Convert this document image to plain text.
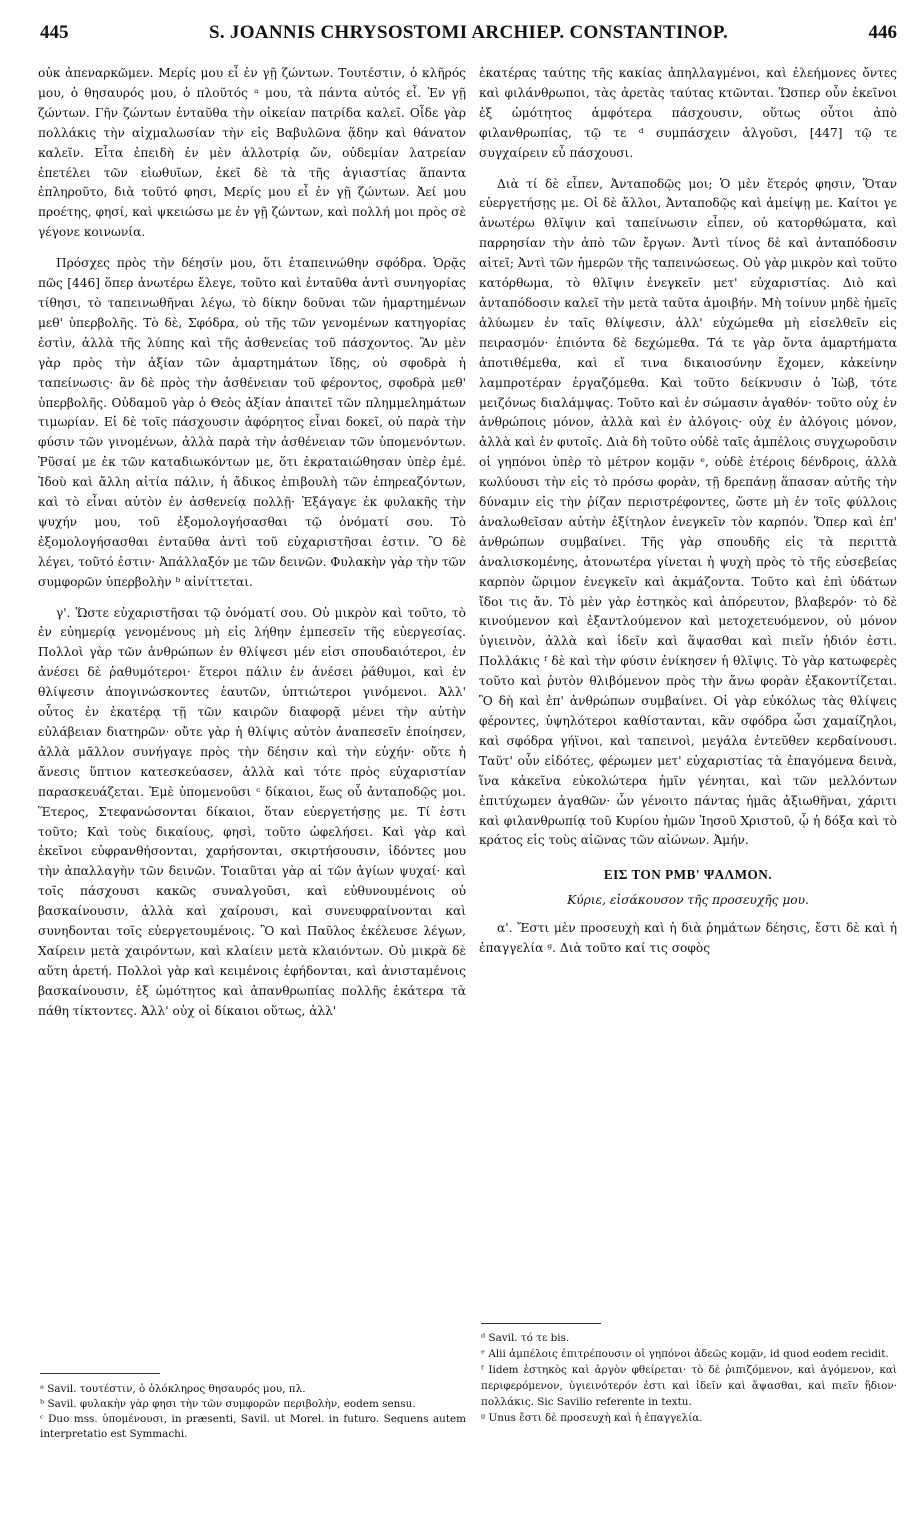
445	S. JOANNIS CHRYSOSTOMI ARCHIEP. CONSTANTINOP.	446

οὐκ ἀπεναρκῶμεν. Μερίς μου εἶ ἐν γῇ ζώντων. Τουτέστιν, ὁ κλῆρός μου, ὁ θησαυρός μου, ὁ πλοῦτός ᵃ μου, τὰ πάντα αὐτός εἶ. Ἐν γῇ ζώντων. Γῆν ζώντων ἐνταῦθα τὴν οἰκείαν πατρίδα καλεῖ. Οἶδε γὰρ πολλάκις τὴν αἰχμαλωσίαν τὴν εἰς Βαβυλῶνα ᾅδην καὶ θάνατον καλεῖν. Εἶτα ἐπειδὴ ἐν μὲν ἀλλοτρίᾳ ὤν, οὐδεμίαν λατρείαν ἐπετέλει τῶν εἰωθυῖων, ἐκεῖ δὲ τὰ τῆς ἁγιαστίας ἅπαντα ἐπληροῦτο, διὰ τοῦτό φησι, Μερίς μου εἶ ἐν γῇ ζώντων. Ἀεί μου προέτης, φησί, καὶ ψκειώσω με ἐν γῇ ζώντων, καὶ πολλή μοι πρὸς σὲ γέγονε κοινωνία.

Πρόσχες πρὸς τὴν δέησίν μου, ὅτι ἐταπεινώθην σφόδρα. Ὁρᾷς πῶς [446] ὅπερ ἀνωτέρω ἔλεγε, τοῦτο καὶ ἐνταῦθα ἀντὶ συνηγορίας τίθησι, τὸ ταπεινωθῆναι λέγω, τὸ δίκην δοῦναι τῶν ἡμαρτημένων μεθ' ὑπερβολῆς. Τὸ δὲ, Σφόδρα, οὐ τῆς τῶν γενομένων κατηγορίας ἐστὶν, ἀλλὰ τῆς λύπης καὶ τῆς ἀσθενείας τοῦ πάσχοντος. Ἂν μὲν γὰρ πρὸς τὴν ἀξίαν τῶν ἁμαρτημάτων ἴδῃς, οὐ σφοδρὰ ἡ ταπείνωσις· ἂν δὲ πρὸς τὴν ἀσθένειαν τοῦ φέροντος, σφοδρὰ μεθ' ὑπερβολῆς. Οὐδαμοῦ γὰρ ὁ Θεὸς ἀξίαν ἀπαιτεῖ τῶν πλημμελημάτων τιμωρίαν. Εἰ δὲ τοῖς πάσχουσιν ἀφόρητος εἶναι δοκεῖ, οὐ παρὰ τὴν φύσιν τῶν γινομένων, ἀλλὰ παρὰ τὴν ἀσθένειαν τῶν ὑπομενόντων. Ῥῦσαί με ἐκ τῶν καταδιωκόντων με, ὅτι ἐκραταιώθησαν ὑπὲρ ἐμέ. Ἰδοὺ καὶ ἄλλη αἰτία πάλιν, ἡ ἄδικος ἐπιβουλὴ τῶν ἐπηρεαζόντων, καὶ τὸ εἶναι αὐτὸν ἐν ἀσθενείᾳ πολλῇ· Ἐξάγαγε ἐκ φυλακῆς τὴν ψυχήν μου, τοῦ ἐξομολογήσασθαι τῷ ὀνόματί σου. Τὸ ἐξομολογήσασθαι ἐνταῦθα ἀντὶ τοῦ εὐχαριστῆσαι ἐστιν. Ὃ δὲ λέγει, τοῦτό ἐστιν· Ἀπάλλαξόν με τῶν δεινῶν. Φυλακὴν γὰρ τὴν τῶν συμφορῶν ὑπερβολὴν ᵇ αἰνίττεται.

γ'. Ὥστε εὐχαριστῆσαι τῷ ὀνόματί σου. Οὐ μικρὸν καὶ τοῦτο, τὸ ἐν εὐημερίᾳ γενομένους μὴ εἰς λήθην ἐμπεσεῖν τῆς εὐεργεσίας. Πολλοὶ γὰρ τῶν ἀνθρώπων ἐν θλίψεσι μέν εἰσι σπουδαιότεροι, ἐν ἀνέσει δὲ ῥαθυμότεροι· ἕτεροι πάλιν ἐν ἀνέσει ῥάθυμοι, καὶ ἐν θλίψεσιν ἀπογινώσκοντες ἑαυτῶν, ὑπτιώτεροι γινόμενοι. Ἀλλ' οὗτος ἐν ἑκατέρᾳ τῇ τῶν καιρῶν διαφορᾷ μένει τὴν αὐτὴν εὐλάβειαν διατηρῶν· οὔτε γὰρ ἡ θλίψις αὐτὸν ἀναπεσεῖν ἐποίησεν, ἀλλὰ μᾶλλον συνήγαγε πρὸς τὴν δέησιν καὶ τὴν εὐχήν· οὔτε ἡ ἄνεσις ὕπτιον κατεσκεύασεν, ἀλλὰ καὶ τότε πρὸς εὐχαριστίαν παρασκευάζεται. Ἐμὲ ὑπομενοῦσι ᶜ δίκαιοι, ἕως οὗ ἀνταποδῷς μοι. Ἕτερος, Στεφανώσονται δίκαιοι, ὅταν εὐεργετήσῃς με. Τί ἐστι τοῦτο; Καὶ τοὺς δικαίους, φησὶ, τοῦτο ὠφελήσει. Καὶ γὰρ καὶ ἐκεῖνοι εὐφρανθήσονται, χαρήσονται, σκιρτήσουσιν, ἰδόντες μου τὴν ἀπαλλαγὴν τῶν δεινῶν. Τοιαῦται γὰρ αἱ τῶν ἁγίων ψυχαί· καὶ τοῖς πάσχουσι κακῶς συναλγοῦσι, καὶ εὐθυνουμένοις οὐ βασκαίνουσιν, ἀλλὰ καὶ χαίρουσι, καὶ συνευφραίνονται καὶ συνηδονται τοῖς εὐεργετουμένοις. Ὃ καὶ Παῦλος ἐκέλευσε λέγων, Χαίρειν μετὰ χαιρόντων, καὶ κλαίειν μετὰ κλαιόντων. Οὐ μικρὰ δὲ αὕτη ἀρετή. Πολλοὶ γὰρ καὶ κειμένοις ἐφήδονται, καὶ ἀνισταμένοις βασκαίνουσιν, ἐξ ὠμότητος καὶ ἀπανθρωπίας πολλῆς ἑκάτερα τὰ πάθη τίκτοντες. Ἀλλ' οὐχ οἱ δίκαιοι οὕτως, ἀλλ'

ᵃ Savil. τουτέστιν, ὁ ὁλόκληρος θησαυρός μου, πλ.

ᵇ Savil. φυλακὴν γὰρ φησι τὴν τῶν συμφορῶν περιβολὴν, eodem sensu.

ᶜ Duo mss. ὑπομένουσι, in præsenti, Savil. ut Morel. in futuro. Sequens autem interpretatio est Symmachi.

ἑκατέρας ταύτης τῆς κακίας ἀπηλλαγμένοι, καὶ ἐλεήμονες ὄντες καὶ φιλάνθρωποι, τὰς ἀρετὰς ταύτας κτῶνται. Ὥσπερ οὖν ἐκεῖνοι ἐξ ὠμότητος ἀμφότερα πάσχουσιν, οὕτως οὗτοι ἀπὸ φιλανθρωπίας, τῷ τε ᵈ συμπάσχειν ἀλγοῦσι, [447] τῷ τε συγχαίρειν εὖ πάσχουσι.

Διὰ τί δὲ εἶπεν, Ἀνταποδῷς μοι; Ὁ μὲν ἕτερός φησιν, Ὅταν εὐεργετήσῃς με. Οἱ δὲ ἄλλοι, Ἀνταποδῷς καὶ ἀμείψῃ με. Καίτοι γε ἀνωτέρω θλῖψιν καὶ ταπείνωσιν εἶπεν, οὐ κατορθώματα, καὶ παρρησίαν τὴν ἀπὸ τῶν ἔργων. Ἀντὶ τίνος δὲ καὶ ἀνταπόδοσιν αἰτεῖ; Ἀντὶ τῶν ἡμερῶν τῆς ταπεινώσεως. Οὐ γὰρ μικρὸν καὶ τοῦτο κατόρθωμα, τὸ θλῖψιν ἐνεγκεῖν μετ' εὐχαριστίας. Διὸ καὶ ἀνταπόδοσιν καλεῖ τὴν μετὰ ταῦτα ἀμοιβήν. Μὴ τοίνυν μηδὲ ἡμεῖς ἀλύωμεν ἐν ταῖς θλίψεσιν, ἀλλ' εὐχώμεθα μὴ εἰσελθεῖν εἰς πειρασμόν· ἐπιόντα δὲ δεχώμεθα. Τά τε γὰρ ὄντα ἁμαρτήματα ἀποτιθέμεθα, καὶ εἴ τινα δικαιοσύνην ἔχομεν, κἀκείνην λαμπροτέραν ἐργαζόμεθα. Καὶ τοῦτο δείκνυσιν ὁ Ἰὼβ, τότε μειζόνως διαλάμψας. Τοῦτο καὶ ἐν σώμασιν ἀγαθόν· τοῦτο οὐχ ἐν ἀνθρώποις μόνον, ἀλλὰ καὶ ἐν ἀλόγοις· οὐχ ἐν ἀλόγοις μόνον, ἀλλὰ καὶ ἐν φυτοῖς. Διὰ δὴ τοῦτο οὐδὲ ταῖς ἀμπέλοις συγχωροῦσιν οἱ γηπόνοι ὑπὲρ τὸ μέτρον κομᾷν ᵉ, οὐδὲ ἑτέροις δένδροις, ἀλλὰ κωλύουσι τὴν εἰς τὸ πρόσω φορὰν, τῇ δρεπάνῃ ἅπασαν αὐτῆς τὴν δύναμιν εἰς τὴν ῥίζαν περιστρέφοντες, ὥστε μὴ ἐν τοῖς φύλλοις ἀναλωθεῖσαν αὐτὴν ἐξίτηλον ἐνεγκεῖν τὸν καρπόν. Ὅπερ καὶ ἐπ' ἀνθρώπων συμβαίνει. Τῆς γὰρ σπουδῆς εἰς τὰ περιττὰ ἀναλισκομένης, ἀτονωτέρα γίνεται ἡ ψυχὴ πρὸς τὸ τῆς εὐσεβείας καρπὸν ὥριμον ἐνεγκεῖν καὶ ἀκμάζοντα. Τοῦτο καὶ ἐπὶ ὑδάτων ἴδοι τις ἄν. Τὸ μὲν γὰρ ἑστηκὸς καὶ ἀπόρευτον, βλαβερόν· τὸ δὲ κινούμενον καὶ ἐξαντλούμενον καὶ μετοχετευόμενον, οὐ μόνον ὑγιεινὸν, ἀλλὰ καὶ ἰδεῖν καὶ ἅψασθαι καὶ πιεῖν ἡδιόν ἐστι. Πολλάκις ᶠ δὲ καὶ τὴν φύσιν ἐνίκησεν ἡ θλῖψις. Τὸ γὰρ κατωφερὲς τοῦτο καὶ ῥυτὸν θλιβόμενον πρὸς τὴν ἄνω φορὰν ἐξακοντίζεται. Ὃ δὴ καὶ ἐπ' ἀνθρώπων συμβαίνει. Οἱ γὰρ εὐκόλως τὰς θλίψεις φέροντες, ὑψηλότεροι καθίστανται, κἂν σφόδρα ὦσι χαμαίζηλοι, καὶ σφόδρα γήϊνοι, καὶ ταπεινοὶ, μεγάλα ἐντεῦθεν κερδαίνουσι. Ταῦτ' οὖν εἰδότες, φέρωμεν μετ' εὐχαριστίας τὰ ἐπαγόμενα δεινὰ, ἵνα κἀκεῖνα εὐκολώτερα ἡμῖν γένηται, καὶ τῶν μελλόντων ἐπιτύχωμεν ἀγαθῶν· ὧν γένοιτο πάντας ἡμᾶς ἀξιωθῆναι, χάριτι καὶ φιλανθρωπίᾳ τοῦ Κυρίου ἡμῶν Ἰησοῦ Χριστοῦ, ᾧ ἡ δόξα καὶ τὸ κράτος εἰς τοὺς αἰῶνας τῶν αἰώνων. Ἀμήν.

ΕΙΣ ΤΟΝ ΡΜΒ' ΨΑΛΜΟΝ.
Κύριε, εἰσάκουσον τῆς προσευχῆς μου.

α'. Ἔστι μὲν προσευχὴ καὶ ἡ διὰ ῥημάτων δέησις, ἔστι δὲ καὶ ἡ ἐπαγγελία ᵍ. Διὰ τοῦτο καί τις σοφὸς

ᵈ Savil. τό τε bis.

ᵉ Alii ἀμπέλοις ἐπιτρέπουσιν οἱ γηπόνοι ἀδεῶς κομᾷν, id quod eodem recidit.

ᶠ Iidem ἑστηκὸς καὶ ἀργὸν φθείρεται· τὸ δὲ ῥιπιζόμενον, καὶ ἀγόμενον, καὶ περιφερόμενον, ὑγιεινότερόν ἐστι καὶ ἰδεῖν καὶ ἅψασθαι, καὶ πιεῖν ἥδιον· πολλάκις. Sic Savilio referente in textu.

ᵍ Unus ἔστι δὲ προσευχὴ καὶ ἡ ἐπαγγελία.
